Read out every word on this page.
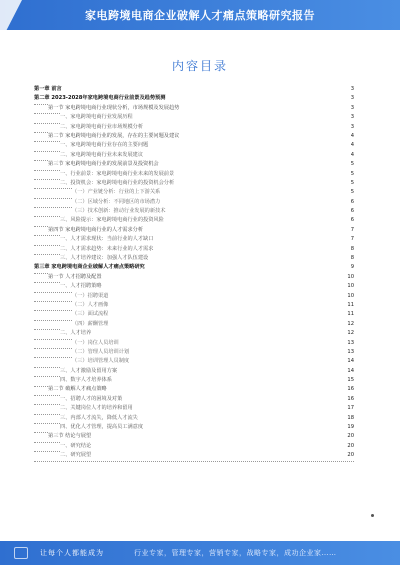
家电跨境电商企业破解人才痛点策略研究报告
内容目录
第一章 前言	3
第二章 2023-2028年家电跨境电商行业前景及趋势预测	3
第一节 家电跨境电商行业现状分析，市场规模及发展趋势	3
一、家电跨境电商行业发展历程	3
二、家电跨境电商行业市场规模分析	3
第二节 家电跨境电商行业的发展，存在的主要问题及建议	4
一、家电跨境电商行业存在的主要问题	4
二、家电跨境电商行业未来发展建议	4
第三节 家电跨境电商行业的发展前景及投资机会	5
一、行业前景：家电跨境电商行业未来的发展前景	5
二、投资机会：家电跨境电商行业的投资机会分析	5
（一）产业链分析：行业的上下游关系	5
（二）区域分析：不同地区的市场潜力	6
（三）技术创新：推动行业发展的新技术	6
三、风险提示：家电跨境电商行业的投资风险	6
第四节 家电跨境电商行业的人才需求分析	7
一、人才需求现状：当前行业的人才缺口	7
二、人才需求趋势：未来行业的人才需求	8
三、人才培养建议：加强人才队伍建设	8
第三章 家电跨境电商企业破解人才痛点策略研究	9
第一节 人才招聘及配置	10
一、人才招聘策略	10
（一）招聘渠道	10
（二）人才画像	11
（三）面试流程	11
（四）薪酬管理	12
二、人才培养	12
（一）岗位人员培训	13
（二）管理人员培训计划	13
（三）培训管理人员制度	14
三、人才激励及留用方案	14
四、数字人才培养体系	15
第二节 破解人才痛点策略	16
一、招聘人才的困境及对策	16
二、关键岗位人才的培养和留用	17
三、内部人才流失，降低人才流失	18
四、优化人才管理，提高员工满意度	19
第三节 结论与展望	20
一、研究结论	20
二、研究展望	20
让每个人都能成为	行业专家，管理专家，营销专家，战略专家，成功企业家……
